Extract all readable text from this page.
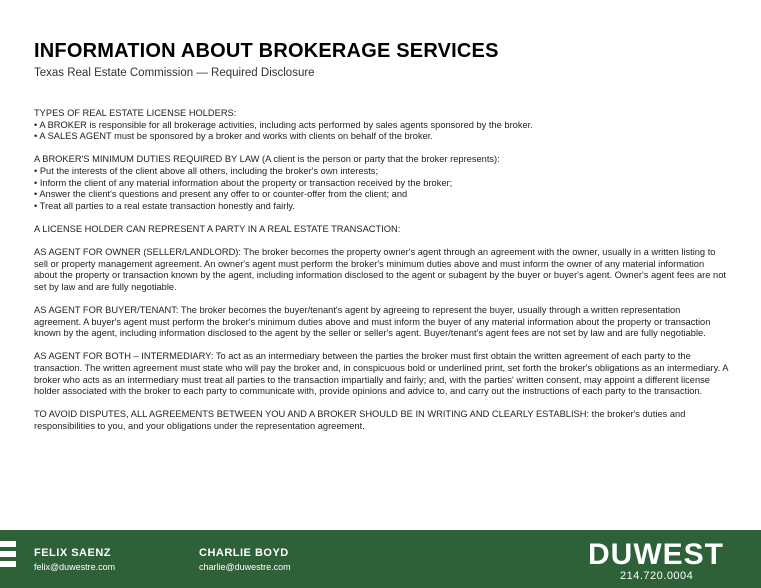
INFORMATION ABOUT BROKERAGE SERVICES
Texas Real Estate Commission — Required Disclosure

TYPES OF REAL ESTATE LICENSE HOLDERS:
• A BROKER is responsible for all brokerage activities, including acts performed by sales agents sponsored by the broker.
• A SALES AGENT must be sponsored by a broker and works with clients on behalf of the broker.

A BROKER'S MINIMUM DUTIES REQUIRED BY LAW (A client is the person or party that the broker represents):
• Put the interests of the client above all others, including the broker's own interests;
• Inform the client of any material information about the property or transaction received by the broker;
• Answer the client's questions and present any offer to or counter-offer from the client; and
• Treat all parties to a real estate transaction honestly and fairly.

A LICENSE HOLDER CAN REPRESENT A PARTY IN A REAL ESTATE TRANSACTION:

AS AGENT FOR OWNER (SELLER/LANDLORD): The broker becomes the property owner's agent through an agreement with the owner, usually in a written listing to sell or property management agreement. An owner's agent must perform the broker's minimum duties above and must inform the owner of any material information about the property or transaction known by the agent, including information disclosed to the agent or subagent by the buyer or buyer's agent. Owner's agent fees are not set by law and are fully negotiable.

AS AGENT FOR BUYER/TENANT: The broker becomes the buyer/tenant's agent by agreeing to represent the buyer, usually through a written representation agreement. A buyer's agent must perform the broker's minimum duties above and must inform the buyer of any material information about the property or transaction known by the agent, including information disclosed to the agent by the seller or seller's agent. Buyer/tenant's agent fees are not set by law and are fully negotiable.

AS AGENT FOR BOTH – INTERMEDIARY: To act as an intermediary between the parties the broker must first obtain the written agreement of each party to the transaction. The written agreement must state who will pay the broker and, in conspicuous bold or underlined print, set forth the broker's obligations as an intermediary. A broker who acts as an intermediary must treat all parties to the transaction impartially and fairly; and, with the parties' written consent, may appoint a different license holder associated with the broker to each party to communicate with, provide opinions and advice to, and carry out the instructions of each party to the transaction.

TO AVOID DISPUTES, ALL AGREEMENTS BETWEEN YOU AND A BROKER SHOULD BE IN WRITING AND CLEARLY ESTABLISH: the broker's duties and responsibilities to you, and your obligations under the representation agreement.

FELIX SAENZ
felix@duwestre.com
CHARLIE BOYD
charlie@duwestre.com	DUWEST
214.720.0004
